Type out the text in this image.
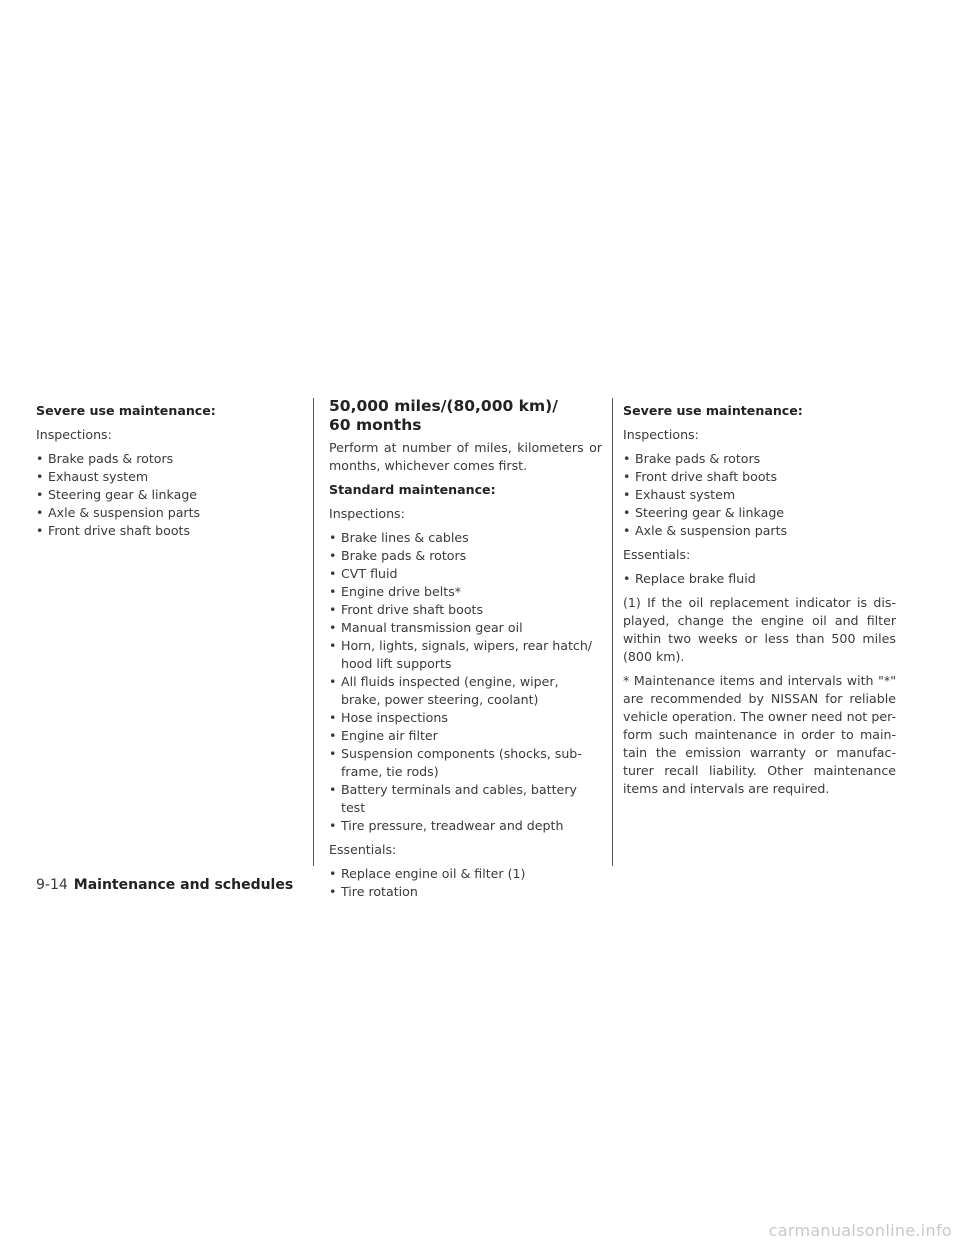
Severe use maintenance:
Inspections:
• Brake pads & rotors
• Exhaust system
• Steering gear & linkage
• Axle & suspension parts
• Front drive shaft boots
50,000 miles/(80,000 km)/
60 months
Perform at number of miles, kilometers or months, whichever comes first.
Standard maintenance:
Inspections:
• Brake lines & cables
• Brake pads & rotors
• CVT fluid
• Engine drive belts*
• Front drive shaft boots
• Manual transmission gear oil
• Horn, lights, signals, wipers, rear hatch/ hood lift supports
• All fluids inspected (engine, wiper, brake, power steering, coolant)
• Hose inspections
• Engine air filter
• Suspension components (shocks, sub- frame, tie rods)
• Battery terminals and cables, battery test
• Tire pressure, treadwear and depth
Essentials:
• Replace engine oil & filter (1)
• Tire rotation
Severe use maintenance:
Inspections:
• Brake pads & rotors
• Front drive shaft boots
• Exhaust system
• Steering gear & linkage
• Axle & suspension parts
Essentials:
• Replace brake fluid
(1) If the oil replacement indicator is dis- played, change the engine oil and filter within two weeks or less than 500 miles (800 km).
* Maintenance items and intervals with "*" are recommended by NISSAN for reliable vehicle operation. The owner need not per- form such maintenance in order to main- tain the emission warranty or manufac- turer recall liability. Other maintenance items and intervals are required.
9-14 Maintenance and schedules
carmanualsonline.info
